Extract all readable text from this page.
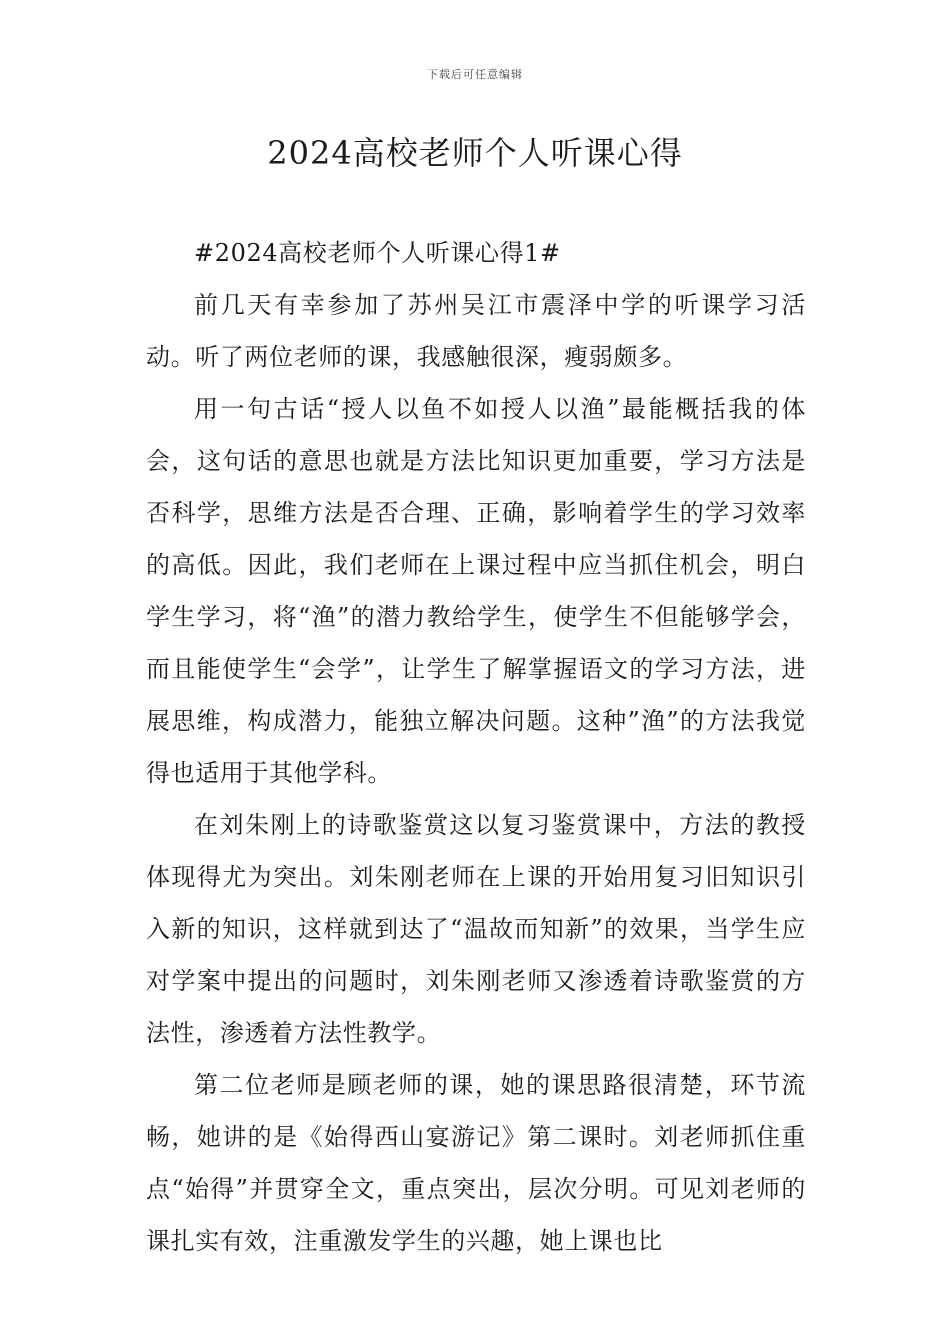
下载后可任意编辑
2024高校老师个人听课心得

#2024高校老师个人听课心得1#

前几天有幸参加了苏州吴江市震泽中学的听课学习活动。听了两位老师的课，我感触很深，瘦弱颇多。

用一句古话“授人以鱼不如授人以渔”最能概括我的体会，这句话的意思也就是方法比知识更加重要，学习方法是否科学，思维方法是否合理、正确，影响着学生的学习效率的高低。因此，我们老师在上课过程中应当抓住机会，明白学生学习，将“渔”的潜力教给学生，使学生不但能够学会，而且能使学生“会学”，让学生了解掌握语文的学习方法，进展思维，构成潜力，能独立解决问题。这种”渔”的方法我觉得也适用于其他学科。

在刘朱刚上的诗歌鉴赏这以复习鉴赏课中，方法的教授体现得尤为突出。刘朱刚老师在上课的开始用复习旧知识引入新的知识，这样就到达了“温故而知新”的效果，当学生应对学案中提出的问题时，刘朱刚老师又渗透着诗歌鉴赏的方法性，渗透着方法性教学。

第二位老师是顾老师的课，她的课思路很清楚，环节流畅，她讲的是《始得西山宴游记》第二课时。刘老师抓住重点“始得”并贯穿全文，重点突出，层次分明。可见刘老师的课扎实有效，注重激发学生的兴趣，她上课也比
